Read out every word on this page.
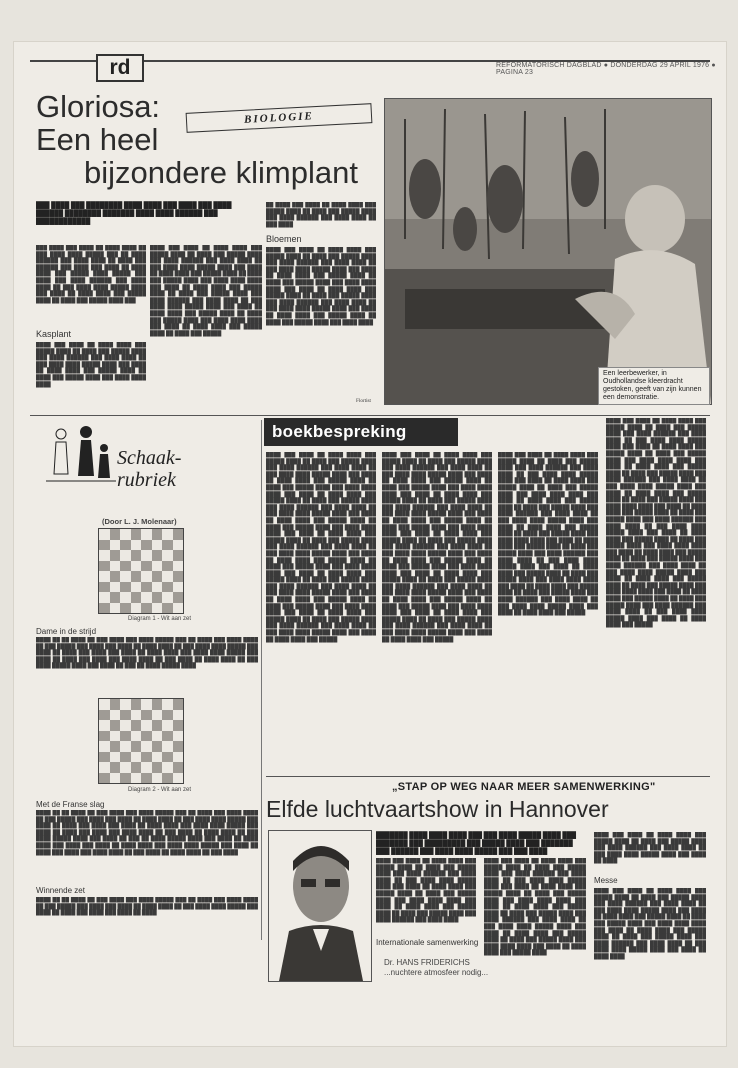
rd	REFORMATORISCH DAGBLAD ● DONDERDAG 29 APRIL 1976 ● PAGINA 23
Gloriosa:
Een heel
bijzondere klimplant
BIOLOGIE
███ ████ ███ ████████ ████ ████ ███ ████ ███ ████ ██████ ████████ ███████ ████ ████ ██████ ███ ████████████
███ ████ ███ ████ ██ ████ ████ ██ ███ ████ ████ █████ ███ ██ ████ ██████ ███ ████ ████ ██ ████ ███ ██████ ███ ████ ███ ████ ██ ████ ████ ███ █████ ████ █████ ███ ████ ███ ████ ██████ ███ ████ ████ ██ ███ ████ ████ █████ ████ ███ ████ ██ ████ ████ ███ █████ ████ ██ ████ ███ █████ ████ ███
Kasplant
████ ███ ████ ██ ████ ████ ███ █████ ████ ██ ████ ███ █████ ████ ███ ████ ██████ ███ ████ ████ ██ ███ ████ ████ █████ ████ ███ ████ ██ ████ ████ ███ █████ ████ ██ ████ ███ █████ ████ ███ ████ ████ ████
████ ███ ████ ██ ████ ████ ███ █████ ████ ██ ████ ███ █████ ████ ███ ████ ██████ ███ ████ ████ ██ ███ ████ ████ █████ ████ ███ ████ ██ ████ ████ ███ █████ ████ ██ ████ ███ █████ ████ ███ ████ ████ ████ ███ ████ ██ ████ ████ ███ █████ ████ ██ ████ ███ █████ ████ ███ ████ ██████ ███ ████ ████ ██ ███ ████ ████ █████ ████ ███ ████ ██ ████ ████ ███ █████ ████ ██ ████ ███ █████ ████ ███ ████ ████ ████ ███ ████ ██ ████ ████ ███ █████ ████ ██ ████ ███ █████
██ ████ ███ ████ ██ ████ ████ ███ █████ ████ ██ ████ ███ █████ ████ ███ ████ ██████ ███ ████ ████ ██ ███ ████
Bloemen
████ ███ ████ ██ ████ ████ ███ █████ ████ ██ ████ ███ █████ ████ ███ ████ ██████ ███ ████ ████ ██ ███ ████ ████ █████ ████ ███ ████ ██ ████ ████ ███ █████ ████ ██ ████ ███ █████ ████ ███ ████ ████ ████ ███ ████ ██ ████ ████ ███ █████ ████ ██ ████ ███ █████ ████ ███ ████ ██████ ███ ████ ████ ██ ███ ████ ████ █████ ████ ███ ████ ██ ████ ████ ███ █████ ████ ██ ████ ███ █████ ████ ███ ████ ████
Flortist
Een leerbewerker, in Oudhollandse kleerdracht gestoken, geeft van zijn kunnen een demonstratie.
Schaak-
rubriek
(Door L. J. Molenaar)
Diagram 1 - Wit aan zet
Dame in de strijd
████ ██ ██ ████ ██ ███ ████ ███ ████ █████ ███ ██ ████ ███ ████ ████ ██ ███ █████ ███ ████ ███ ████ ██ ████ ████ ██ ███ ████ ████ █████ ███ ████ ██ ████ ███ ████ ███ ████ ██ ████ ████ ███ ████ ████ █████ ███ ████ ██ ████ ███ ████ ███ ████ ████ ██ ███ ████ ██ ████ ████ ██ ███ ████ █████ ████ ███ ████ ██ ███ ██ ████ █████ ████
Diagram 2 - Wit aan zet
Met de Franse slag
████ ██ ██ ████ ██ ███ ████ ███ ████ █████ ███ ██ ████ ███ ████ ████ ██ ███ █████ ███ ████ ███ ████ ██ ████ ████ ██ ███ ████ ████ █████ ███ ████ ██ ████ ███ ████ ███ ████ ██ ████ ████ ███ ████ ████ █████ ███ ████ ██ ████ ███ ████ ███ ████ ████ ██ ███ ████ ██ ████ ████ ██ ███ ████ █████ ████ ███ ████ ██ ███ ██ ████ █████ ████ ███ ████ ██ ████ ████ ███ ████ ███ ████ ██ ████ ████ ███ ████ ████ █████ ███ ████ ██ ████ ███ ████ ███ ████ ████ ██ ███ ████ ██ ████ ████ ██ ███ ████
Winnende zet
████ ██ ██ ████ ██ ███ ████ ███ ████ █████ ███ ██ ████ ███ ████ ████ ██ ███ █████ ███ ████ ███ ████ ██ ████ ████ ██ ███ ████ ████ █████ ███ ████ ██ ████ ███ ████ ███ ████ ██ ████
boekbespreking
████ ███ ████ ██ ████ ████ ███ █████ ████ ██ ████ ███ █████ ████ ███ ████ ██████ ███ ████ ████ ██ ███ ████ ████ █████ ████ ███ ████ ██ ████ ████ ███ █████ ████ ██ ████ ███ █████ ████ ███ ████ ████ ████ ███ ████ ██ ████ ████ ███ █████ ████ ██ ████ ███ █████ ████ ███ ████ ██████ ███ ████ ████ ██ ███ ████ ████ █████ ████ ███ ████ ██ ████ ████ ███ █████ ████ ██ ████ ███ █████ ████ ███ ████ ████ ████ ███ ████ ██ ████ ████ ███ █████ ████ ██ ████ ███ █████ ████ ███ ████ ██████ ███ ████ ████ ██ ███ ████ ████ █████ ████ ███ ████ ██ ████ ████ ███ █████ ████ ██ ████ ███ █████ ████ ███ ████ ████ ████ ███ ████ ██ ████ ████ ███ █████ ████ ██ ████ ███ █████ ████ ███ ████ ██████ ███ ████ ████ ██ ███ ████ ████ █████ ████ ███ ████ ██ ████ ████ ███ █████ ████ ██ ████ ███ █████ ████ ███ ████ ████ ████ ███ ████ ██ ████ ████ ███ █████ ████ ██ ████ ███ █████ ████ ███ ████ ██████ ███ ████ ████ ██ ███ ████ ████ █████ ████ ███ ████ ██ ████ ████ ███ █████
████ ███ ████ ██ ████ ████ ███ █████ ████ ██ ████ ███ █████ ████ ███ ████ ██████ ███ ████ ████ ██ ███ ████ ████ █████ ████ ███ ████ ██ ████ ████ ███ █████ ████ ██ ████ ███ █████ ████ ███ ████ ████ ████ ███ ████ ██ ████ ████ ███ █████ ████ ██ ████ ███ █████ ████ ███ ████ ██████ ███ ████ ████ ██ ███ ████ ████ █████ ████ ███ ████ ██ ████ ████ ███ █████ ████ ██ ████ ███ █████ ████ ███ ████ ████ ████ ███ ████ ██ ████ ████ ███ █████ ████ ██ ████ ███ █████ ████ ███ ████ ██████ ███ ████ ████ ██ ███ ████ ████ █████ ████ ███ ████ ██ ████ ████ ███ █████ ████ ██ ████ ███ █████ ████ ███ ████ ████ ████ ███ ████ ██ ████ ████ ███ █████ ████ ██ ████ ███ █████ ████ ███ ████ ██████ ███ ████ ████ ██ ███ ████ ████ █████ ████ ███ ████ ██ ████ ████ ███ █████ ████ ██ ████ ███ █████ ████ ███ ████ ████ ████ ███ ████ ██ ████ ████ ███ █████ ████ ██ ████ ███ █████ ████ ███ ████ ██████ ███ ████ ████ ██ ███ ████ ████ █████ ████ ███ ████ ██ ████ ████ ███ █████
████ ███ ████ ██ ████ ████ ███ █████ ████ ██ ████ ███ █████ ████ ███ ████ ██████ ███ ████ ████ ██ ███ ████ ████ █████ ████ ███ ████ ██ ████ ████ ███ █████ ████ ██ ████ ███ █████ ████ ███ ████ ████ ████ ███ ████ ██ ████ ████ ███ █████ ████ ██ ████ ███ █████ ████ ███ ████ ██████ ███ ████ ████ ██ ███ ████ ████ █████ ████ ███ ████ ██ ████ ████ ███ █████ ████ ██ ████ ███ █████ ████ ███ ████ ████ ████ ███ ████ ██ ████ ████ ███ █████ ████ ██ ████ ███ █████ ████ ███ ████ ██████ ███ ████ ████ ██ ███ ████ ████ █████ ████ ███ ████ ██ ████ ████ ███ █████ ████ ██ ████ ███ █████ ████ ███ ████ ████ ████ ███ ████ ██ ████ ████ ███ █████ ████ ██ ████ ███ █████ ████ ███ ████ ██████ ███ ████ ████ ██ ███ ████ ████ █████ ████ ███ ████ ██ ████ ████ ███ █████
████ ███ ████ ██ ████ ████ ███ █████ ████ ██ ████ ███ █████ ████ ███ ████ ██████ ███ ████ ████ ██ ███ ████ ████ █████ ████ ███ ████ ██ ████ ████ ███ █████ ████ ██ ████ ███ █████ ████ ███ ████ ████ ████ ███ ████ ██ ████ ████ ███ █████ ████ ██ ████ ███ █████ ████ ███ ████ ██████ ███ ████ ████ ██ ███ ████ ████ █████ ████ ███ ████ ██ ████ ████ ███ █████ ████ ██ ████ ███ █████ ████ ███ ████ ████ ████ ███ ████ ██ ████ ████ ███ █████ ████ ██ ████ ███ █████ ████ ███ ████ ██████ ███ ████ ████ ██ ███ ████ ████ █████ ████ ███ ████ ██ ████ ████ ███ █████ ████ ██ ████ ███ █████ ████ ███ ████ ████ ████ ███ ████ ██ ████ ████ ███ █████ ████ ██ ████ ███ █████ ████ ███ ████ ██████ ███ ████ ████ ██ ███ ████ ████ █████ ████ ███ ████ ██ ████ ████ ███ █████ ████ ██ ████ ███ █████ ████ ███ ████ ████ ████ ███ ████ ██ ████ ████ ███ █████ ████ ██ ████ ███ █████ ████ ███ ████ ██████ ███ ████ ████ ██ ███ ████ ████ █████ ████ ███ ████ ██ ████ ████ ███ █████
„STAP OP WEG NAAR MEER SAMENWERKING"
Elfde luchtvaartshow in Hannover
Dr. HANS FRIDERICHS
...nuchtere atmosfeer nodig...
███████ ████ ████ ████ ███ ███ ████ █████ ████ ███ ███████ ███ █████████ ███ █████ ████ ███ ███████ ███ ██████ ███ ████ ████ █████ ███ ███ ████
████ ███ ████ ██ ████ ████ ███ █████ ████ ██ ████ ███ █████ ████ ███ ████ ██████ ███ ████ ████ ██ ███ ████ ████ █████ ████ ███ ████ ██ ████ ████ ███ █████ ████ ██ ████ ███ █████ ████ ███ ████ ████ ████ ███ ████ ██ ████ ████ ███ █████ ████ ██ ████ ███ █████ ████ ███ ████ ██████ ███ ████ ████
Internationale samenwerking
████ ███ ████ ██ ████ ████ ███ █████ ████ ██ ████ ███ █████ ████ ███ ████ ██████ ███ ████ ████ ██ ███ ████ ████ █████ ████ ███ ████ ██ ████ ████ ███ █████ ████ ██ ████ ███ █████ ████ ███ ████ ████ ████ ███ ████ ██ ████ ████ ███ █████ ████ ██ ████ ███ █████ ████ ███ ████ ██████ ███ ████ ████ ██ ███ ████ ████ █████ ████ ███ ████ ██ ████ ████ ███ █████ ████ ██ ████ ███ █████ ████ ███ ████ ████ ████ ███ ████ ██ ████ ████ ███ █████ ████
████ ███ ████ ██ ████ ████ ███ █████ ████ ██ ████ ███ █████ ████ ███ ████ ██████ ███ ████ ████ ██ ███ ████ ████ █████ ████ ███ ████ ██ ████
Messe
████ ███ ████ ██ ████ ████ ███ █████ ████ ██ ████ ███ █████ ████ ███ ████ ██████ ███ ████ ████ ██ ███ ████ ████ █████ ████ ███ ████ ██ ████ ████ ███ █████ ████ ██ ████ ███ █████ ████ ███ ████ ████ ████ ███ ████ ██ ████ ████ ███ █████ ████ ██ ████ ███ █████ ████ ███ ████ ██████ ███ ████ ████ ██ ███ ████ ████ █████ ████ ███ ████ ██ ████ ████
